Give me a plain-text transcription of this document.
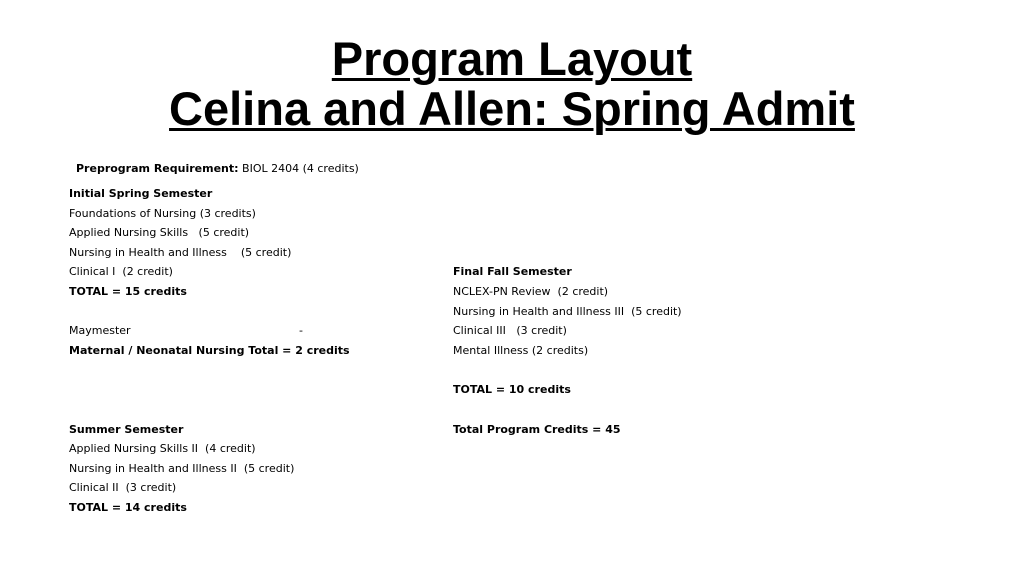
Program Layout
Celina and Allen: Spring Admit

Preprogram Requirement: BIOL 2404 (4 credits)

Initial Spring Semester
Foundations of Nursing (3 credits)
Applied Nursing Skills   (5 credit)
Nursing in Health and Illness    (5 credit)
Clinical I  (2 credit)
TOTAL = 15 credits
Maymester	-
Maternal / Neonatal Nursing Total = 2 credits
Summer Semester
Applied Nursing Skills II  (4 credit)
Nursing in Health and Illness II  (5 credit)
Clinical II  (3 credit)
TOTAL = 14 credits
Final Fall Semester
NCLEX-PN Review  (2 credit)
Nursing in Health and Illness III  (5 credit)
Clinical III   (3 credit)
Mental Illness (2 credits)
TOTAL = 10 credits
Total Program Credits = 45
